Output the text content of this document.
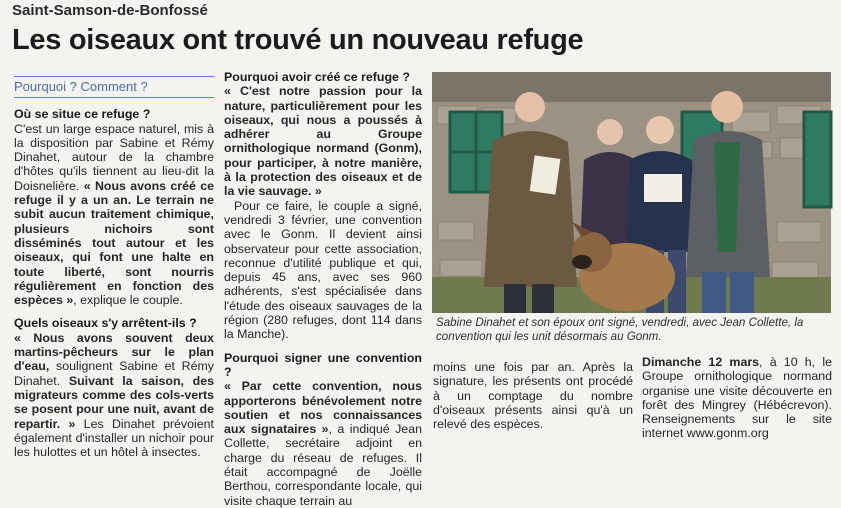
Saint-Samson-de-Bonfossé
Les oiseaux ont trouvé un nouveau refuge
Pourquoi ? Comment ?

Où se situe ce refuge ?

C'est un large espace naturel, mis à la disposition par Sabine et Rémy Dinahet, autour de la chambre d'hôtes qu'ils tiennent au lieu-dit la Doisnelière. « Nous avons créé ce refuge il y a un an. Le terrain ne subit aucun traitement chimique, plusieurs nichoirs sont disséminés tout autour et les oiseaux, qui font une halte en toute liberté, sont nourris régulièrement en fonction des espèces », explique le couple.

Quels oiseaux s'y arrêtent-ils ?

« Nous avons souvent deux martins-pêcheurs sur le plan d'eau, soulignent Sabine et Rémy Dinahet. Suivant la saison, des migrateurs comme des cols-verts se posent pour une nuit, avant de repartir. » Les Dinahet prévoient également d'installer un nichoir pour les hulottes et un hôtel à insectes.

Pourquoi avoir créé ce refuge ?

« C'est notre passion pour la nature, particulièrement pour les oiseaux, qui nous a poussés à adhérer au Groupe ornithologique normand (Gonm), pour participer, à notre manière, à la protection des oiseaux et de la vie sauvage. »

Pour ce faire, le couple a signé, vendredi 3 février, une convention avec le Gonm. Il devient ainsi observateur pour cette association, reconnue d'utilité publique et qui, depuis 45 ans, avec ses 960 adhérents, s'est spécialisée dans l'étude des oiseaux sauvages de la région (280 refuges, dont 114 dans la Manche).

Pourquoi signer une convention ?

« Par cette convention, nous apporterons bénévolement notre soutien et nos connaissances aux signataires », a indiqué Jean Collette, secrétaire adjoint en charge du réseau de refuges. Il était accompagné de Joëlle Berthou, correspondante locale, qui visite chaque terrain au

Sabine Dinahet et son époux ont signé, vendredi, avec Jean Collette, la convention qui les unit désormais au Gonm.

moins une fois par an. Après la signature, les présents ont procédé à un comptage du nombre d'oiseaux présents ainsi qu'à un relevé des espèces.

Dimanche 12 mars, à 10 h, le Groupe ornithologique normand organise une visite découverte en forêt des Mingrey (Hébécrevon). Renseignements sur le site internet www.gonm.org
